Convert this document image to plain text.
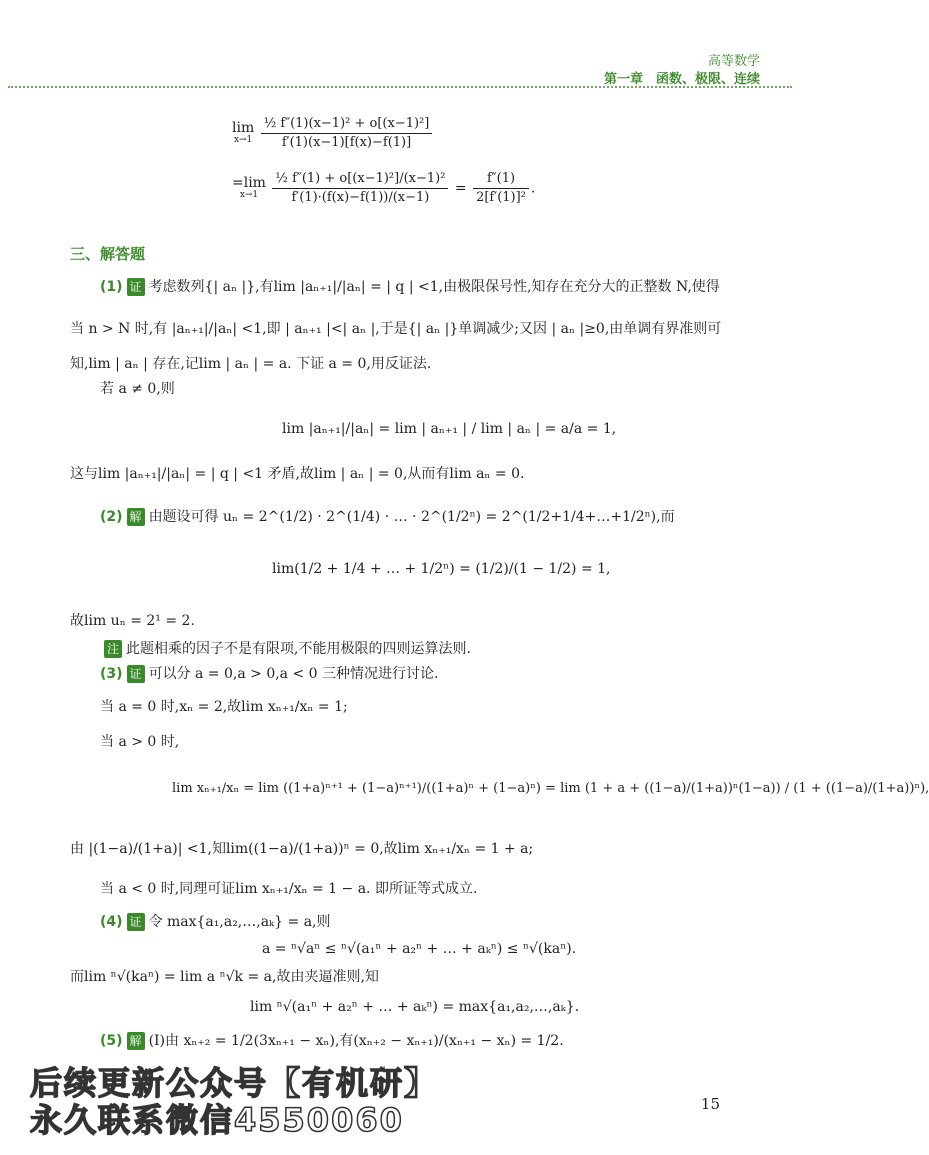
高等数学
第一章　函数、极限、连续
lim
x→1
$\frac{\text{½ f″(1)(x−1)² + o[(x−1)²]}}{f'(1)(x-1)[f(x)-f(1)]}$
=lim
x→1
	$\frac{\text{½ f″(1) + o[(x−1)²]/(x−1)²}}{f'(1)\cdot(f(x)-f(1))/(x-1)} = \frac{f''(1)}{\text{2[f′(1)]²}}$ .
三、解答题
(1) 证 考虑数列{| aₙ |},有lim |aₙ₊₁|/|aₙ| = | q | <1,由极限保号性,知存在充分大的正整数 N,使得
当 n > N 时,有 |aₙ₊₁|/|aₙ| <1,即 | aₙ₊₁ |<| aₙ |,于是{| aₙ |}单调减少;又因 | aₙ |≥0,由单调有界准则可
知,lim | aₙ | 存在,记lim | aₙ | = a. 下证 a = 0,用反证法.
若 a ≠ 0,则
lim |aₙ₊₁|/|aₙ| = lim | aₙ₊₁ | / lim | aₙ | = a/a = 1,
这与lim |aₙ₊₁|/|aₙ| = | q | <1 矛盾,故lim | aₙ | = 0,从而有lim aₙ = 0.
(2) 解 由题设可得 uₙ = 2^(1/2) · 2^(1/4) · … · 2^(1/2ⁿ) = 2^(1/2+1/4+…+1/2ⁿ),而
lim(1/2 + 1/4 + … + 1/2ⁿ) = (1/2)/(1 − 1/2) = 1,
故lim uₙ = 2¹ = 2.
注 此题相乘的因子不是有限项,不能用极限的四则运算法则.
(3) 证 可以分 a = 0,a > 0,a < 0 三种情况进行讨论.
当 a = 0 时,xₙ = 2,故lim xₙ₊₁/xₙ = 1;
当 a > 0 时,
lim xₙ₊₁/xₙ = lim ((1+a)ⁿ⁺¹ + (1−a)ⁿ⁺¹)/((1+a)ⁿ + (1−a)ⁿ) = lim (1 + a + ((1−a)/(1+a))ⁿ(1−a)) / (1 + ((1−a)/(1+a))ⁿ),
由 |(1−a)/(1+a)| <1,知lim((1−a)/(1+a))ⁿ = 0,故lim xₙ₊₁/xₙ = 1 + a;
当 a < 0 时,同理可证lim xₙ₊₁/xₙ = 1 − a. 即所证等式成立.
(4) 证 令 max{a₁,a₂,…,aₖ} = a,则
a = ⁿ√aⁿ ≤ ⁿ√(a₁ⁿ + a₂ⁿ + … + aₖⁿ) ≤ ⁿ√(kaⁿ).
而lim ⁿ√(kaⁿ) = lim a ⁿ√k = a,故由夹逼准则,知
lim ⁿ√(a₁ⁿ + a₂ⁿ + … + aₖⁿ) = max{a₁,a₂,…,aₖ}.
(5) 解 (Ⅰ)由 xₙ₊₂ = 1/2(3xₙ₊₁ − xₙ),有(xₙ₊₂ − xₙ₊₁)/(xₙ₊₁ − xₙ) = 1/2.
后续更新公众号【有机研】
永久联系微信4550060	15
